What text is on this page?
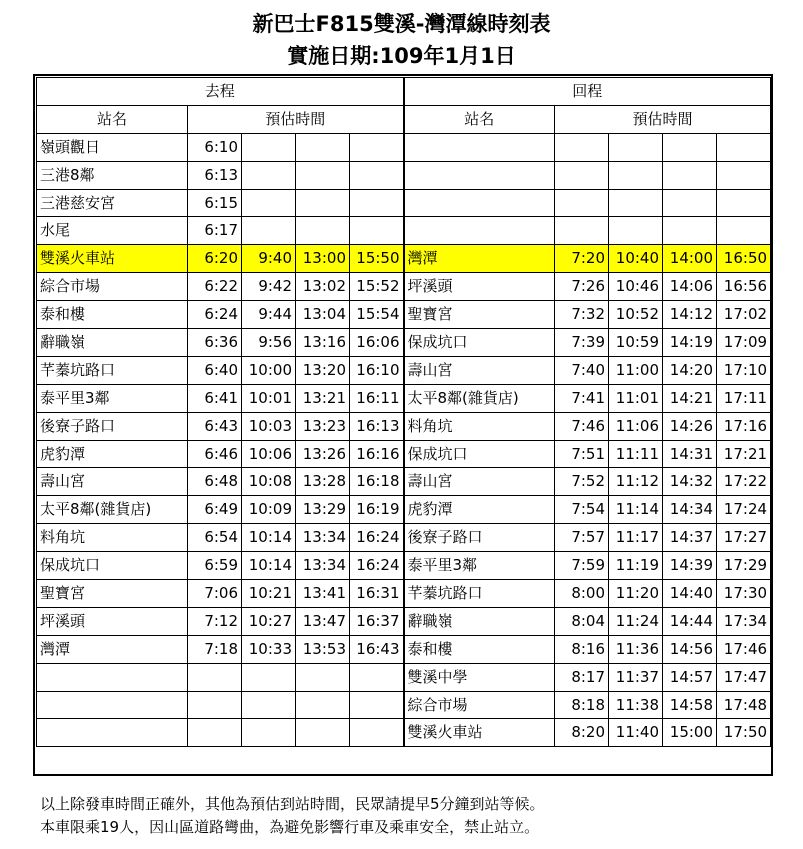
新巴士F815雙溪-灣潭線時刻表
實施日期:109年1月1日
去程					回程				
站名	預估時間				站名	預估時間			
嶺頭觀日	6:10								
三港8鄰	6:13								
三港慈安宮	6:15								
水尾	6:17								
雙溪火車站	6:20	9:40	13:00	15:50	灣潭	7:20	10:40	14:00	16:50
綜合市場	6:22	9:42	13:02	15:52	坪溪頭	7:26	10:46	14:06	16:56
泰和樓	6:24	9:44	13:04	15:54	聖寶宮	7:32	10:52	14:12	17:02
辭職嶺	6:36	9:56	13:16	16:06	保成坑口	7:39	10:59	14:19	17:09
芊蓁坑路口	6:40	10:00	13:20	16:10	壽山宮	7:40	11:00	14:20	17:10
泰平里3鄰	6:41	10:01	13:21	16:11	太平8鄰(雜貨店)	7:41	11:01	14:21	17:11
後寮子路口	6:43	10:03	13:23	16:13	料角坑	7:46	11:06	14:26	17:16
虎豹潭	6:46	10:06	13:26	16:16	保成坑口	7:51	11:11	14:31	17:21
壽山宮	6:48	10:08	13:28	16:18	壽山宮	7:52	11:12	14:32	17:22
太平8鄰(雜貨店)	6:49	10:09	13:29	16:19	虎豹潭	7:54	11:14	14:34	17:24
料角坑	6:54	10:14	13:34	16:24	後寮子路口	7:57	11:17	14:37	17:27
保成坑口	6:59	10:14	13:34	16:24	泰平里3鄰	7:59	11:19	14:39	17:29
聖寶宮	7:06	10:21	13:41	16:31	芊蓁坑路口	8:00	11:20	14:40	17:30
坪溪頭	7:12	10:27	13:47	16:37	辭職嶺	8:04	11:24	14:44	17:34
灣潭	7:18	10:33	13:53	16:43	泰和樓	8:16	11:36	14:56	17:46
					雙溪中學	8:17	11:37	14:57	17:47
					綜合市場	8:18	11:38	14:58	17:48
					雙溪火車站	8:20	11:40	15:00	17:50
以上除發車時間正確外，其他為預估到站時間，民眾請提早5分鐘到站等候。
本車限乘19人，因山區道路彎曲，為避免影響行車及乘車安全，禁止站立。
